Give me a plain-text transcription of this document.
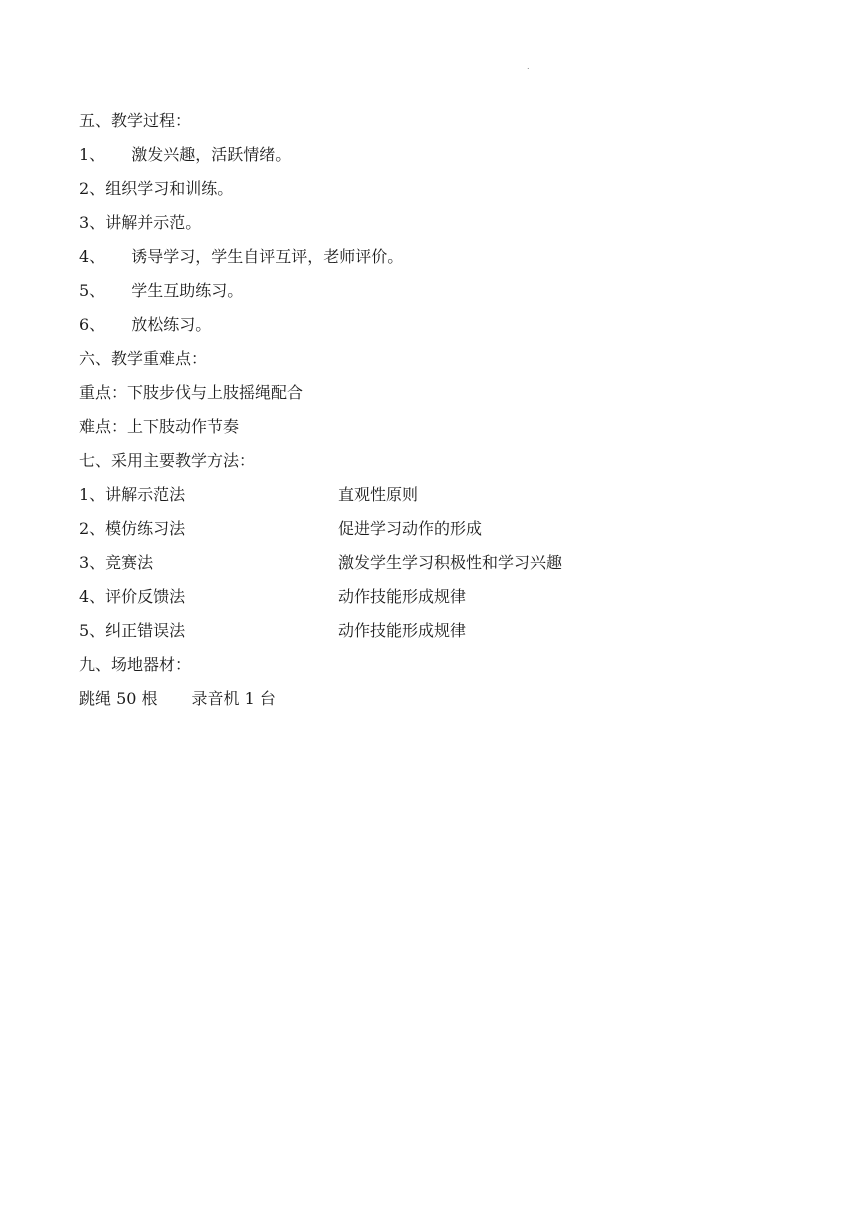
.
五、教学过程：
1、 激发兴趣，活跃情绪。
2、组织学习和训练。
3、讲解并示范。
4、 诱导学习，学生自评互评，老师评价。
5、 学生互助练习。
6、 放松练习。
六、教学重难点：
重点：下肢步伐与上肢摇绳配合
难点：上下肢动作节奏
七、采用主要教学方法：
1、讲解示范法	直观性原则
2、模仿练习法	促进学习动作的形成
3、竞赛法	激发学生学习积极性和学习兴趣
4、评价反馈法	动作技能形成规律
5、纠正错误法	动作技能形成规律
九、场地器材：
跳绳 50 根 录音机 1 台
